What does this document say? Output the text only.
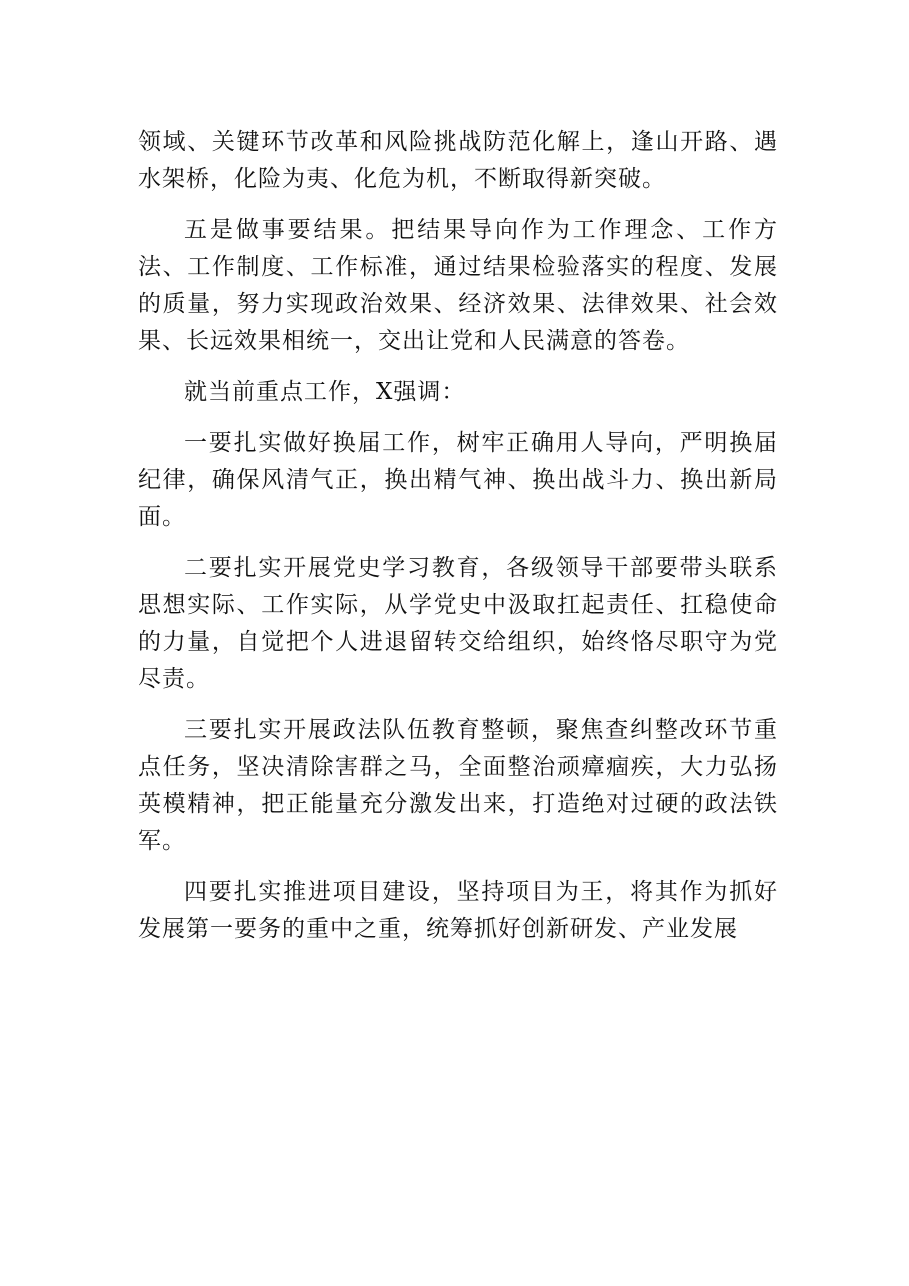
领域、关键环节改革和风险挑战防范化解上，逢山开路、遇水架桥，化险为夷、化危为机，不断取得新突破。

五是做事要结果。把结果导向作为工作理念、工作方法、工作制度、工作标准，通过结果检验落实的程度、发展的质量，努力实现政治效果、经济效果、法律效果、社会效果、长远效果相统一，交出让党和人民满意的答卷。

就当前重点工作，X强调：

一要扎实做好换届工作，树牢正确用人导向，严明换届纪律，确保风清气正，换出精气神、换出战斗力、换出新局面。

二要扎实开展党史学习教育，各级领导干部要带头联系思想实际、工作实际，从学党史中汲取扛起责任、扛稳使命的力量，自觉把个人进退留转交给组织，始终恪尽职守为党尽责。

三要扎实开展政法队伍教育整顿，聚焦查纠整改环节重点任务，坚决清除害群之马，全面整治顽瘴痼疾，大力弘扬英模精神，把正能量充分激发出来，打造绝对过硬的政法铁军。

四要扎实推进项目建设，坚持项目为王，将其作为抓好发展第一要务的重中之重，统筹抓好创新研发、产业发展
